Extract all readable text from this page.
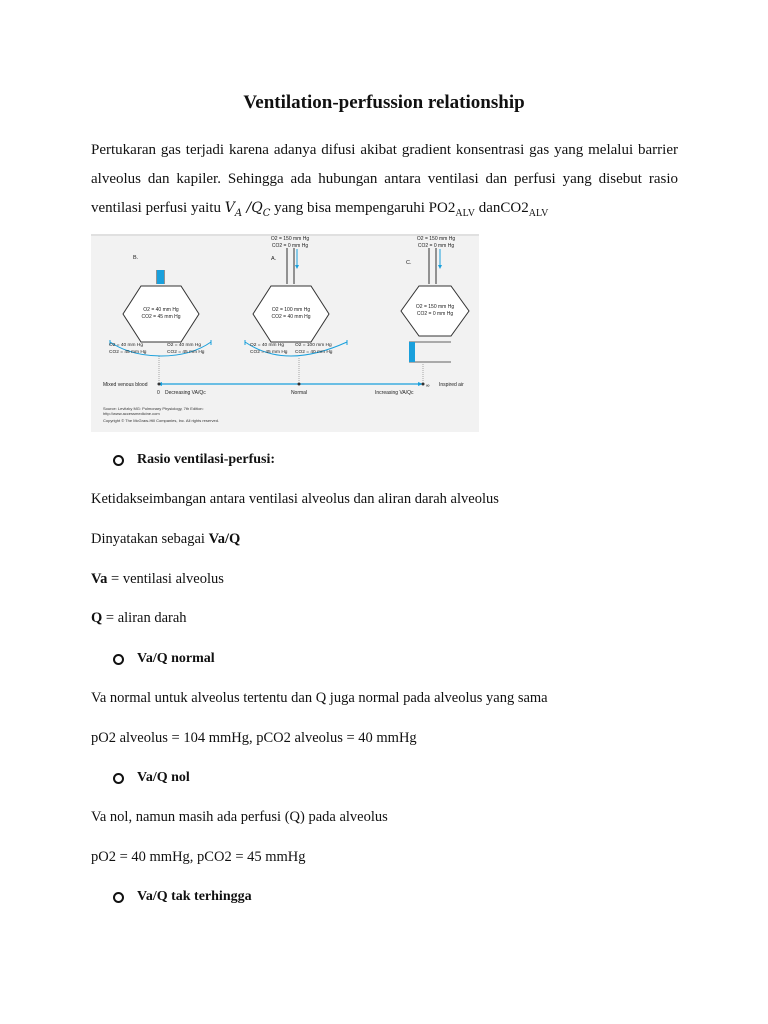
Ventilation-perfussion relationship
Pertukaran gas terjadi karena adanya difusi akibat gradient konsentrasi gas yang melalui barrier alveolus dan kapiler. Sehingga ada hubungan antara ventilasi dan perfusi yang disebut rasio ventilasi perfusi yaitu $V_A$ $/Q_C$ yang bisa mempengaruhi $PO2_{ALV}$ $danCO2_{ALV}$
B.
O2 = 40 mm Hg
CO2 = 45 mm Hg
O2 = 40 mm Hg
CO2 = 45 mm Hg
O2 = 40 mm Hg
CO2 = 45 mm Hg
O2 = 150 mm Hg
CO2 = 0 mm Hg
A.
O2 = 100 mm Hg
CO2 = 40 mm Hg
O2 = 40 mm Hg
CO2 = 45 mm Hg
O2 = 100 mm Hg
CO2 = 40 mm Hg
O2 = 150 mm Hg
CO2 = 0 mm Hg
C.
O2 = 150 mm Hg
CO2 = 0 mm Hg
Mixed venous blood
0 Decreasing VA/Qc	Normal	Increasing VA/Qc
∞ Inspired air
Source: Levitzky MG: Pulmonary Physiology, 7th Edition:
http://www.accessmedicine.com
Copyright © The McGraw-Hill Companies, Inc. All rights reserved.
Rasio ventilasi-perfusi:
Ketidakseimbangan antara ventilasi alveolus dan aliran darah alveolus
Dinyatakan sebagai Va/Q
Va = ventilasi alveolus
Q = aliran darah
Va/Q normal
Va normal untuk alveolus tertentu dan Q juga normal pada alveolus yang sama
pO2 alveolus = 104 mmHg, pCO2 alveolus = 40 mmHg
Va/Q nol
Va nol, namun masih ada perfusi (Q) pada alveolus
pO2 = 40 mmHg, pCO2 = 45 mmHg
Va/Q tak terhingga
